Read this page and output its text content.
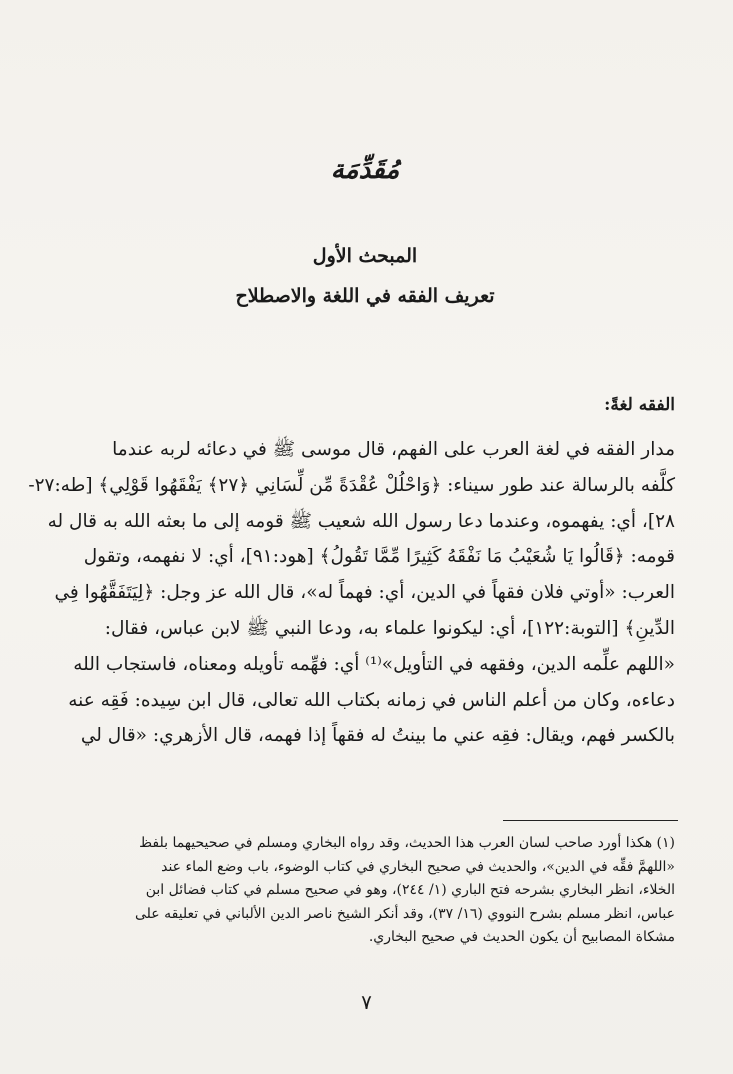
مُقَدِّمَة
المبحث الأول
تعريف الفقه في اللغة والاصطلاح
الفقه لغةً:

مدار الفقه في لغة العرب على الفهم، قال موسى ﷺ في دعائه لربه عندما

كلَّفه بالرسالة عند طور سيناء: ﴿وَاحْلُلْ عُقْدَةً مِّن لِّسَانِي ﴿٢٧﴾ يَفْقَهُوا قَوْلِي﴾ [طه:٢٧-

٢٨]، أي: يفهموه، وعندما دعا رسول الله شعيب ﷺ قومه إلى ما بعثه الله به قال له

قومه: ﴿قَالُوا يَا شُعَيْبُ مَا نَفْقَهُ كَثِيرًا مِّمَّا تَقُولُ﴾ [هود:٩١]، أي: لا نفهمه، وتقول

العرب: «أوتي فلان فقهاً في الدين، أي: فهماً له»، قال الله عز وجل: ﴿لِيَتَفَقَّهُوا فِي

الدِّينِ﴾ [التوبة:١٢٢]، أي: ليكونوا علماء به، ودعا النبي ﷺ لابن عباس، فقال:

«اللهم علِّمه الدين، وفقهه في التأويل»⁽¹⁾ أي: فهِّمه تأويله ومعناه، فاستجاب الله

دعاءه، وكان من أعلم الناس في زمانه بكتاب الله تعالى، قال ابن سِيده: فَقِه عنه

بالكسر فهم، ويقال: فقِه عني ما بينتُ له فقهاً إذا فهمه، قال الأزهري: «قال لي

(١) هكذا أورد صاحب لسان العرب هذا الحديث، وقد رواه البخاري ومسلم في صحيحيهما بلفظ

«اللهمَّ فقِّه في الدين»، والحديث في صحيح البخاري في كتاب الوضوء، باب وضع الماء عند

الخلاء، انظر البخاري بشرحه فتح الباري (١/ ٢٤٤)، وهو في صحيح مسلم في كتاب فضائل ابن

عباس، انظر مسلم بشرح النووي (١٦/ ٣٧)، وقد أنكر الشيخ ناصر الدين الألباني في تعليقه على

مشكاة المصابيح أن يكون الحديث في صحيح البخاري.

٧
